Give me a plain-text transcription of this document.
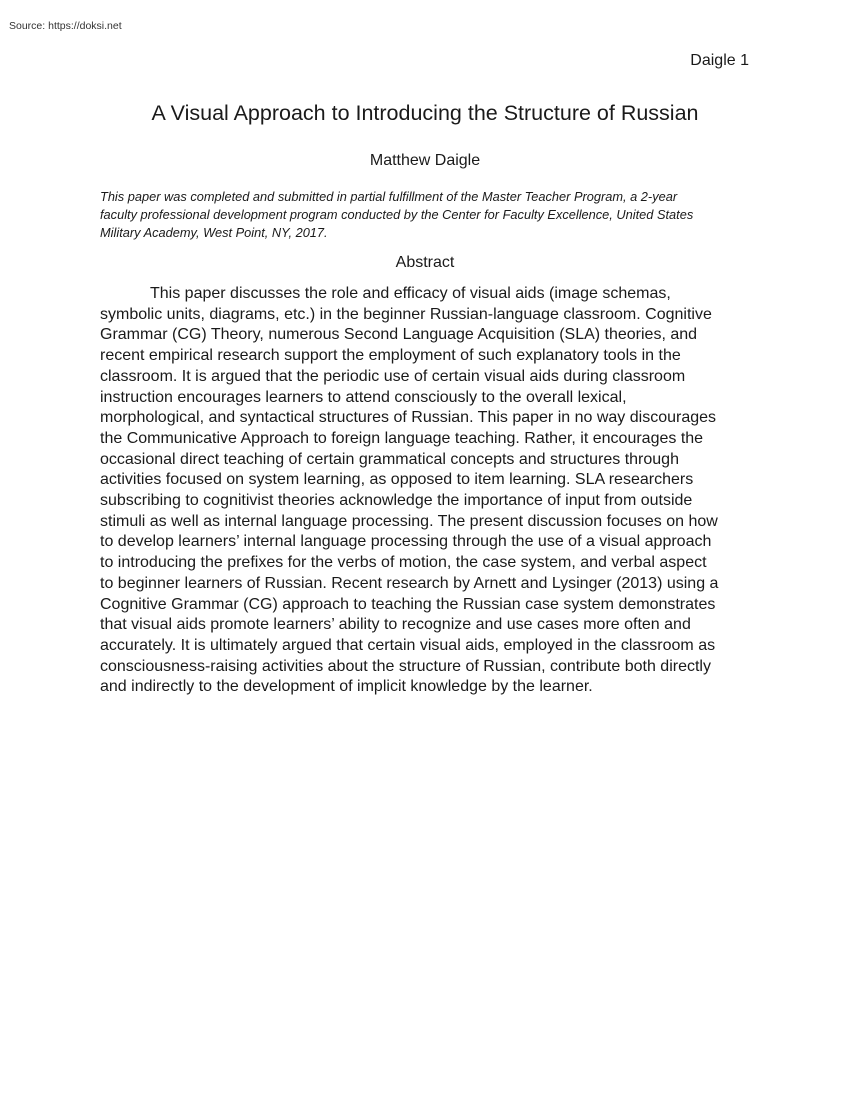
Source: https://doksi.net
Daigle 1
A Visual Approach to Introducing the Structure of Russian
Matthew Daigle
This paper was completed and submitted in partial fulfillment of the Master Teacher Program, a 2-year
faculty professional development program conducted by the Center for Faculty Excellence, United States
Military Academy, West Point, NY, 2017.
Abstract
This paper discusses the role and efficacy of visual aids (image schemas,
symbolic units, diagrams, etc.) in the beginner Russian-language classroom. Cognitive
Grammar (CG) Theory, numerous Second Language Acquisition (SLA) theories, and
recent empirical research support the employment of such explanatory tools in the
classroom. It is argued that the periodic use of certain visual aids during classroom
instruction encourages learners to attend consciously to the overall lexical,
morphological, and syntactical structures of Russian. This paper in no way discourages
the Communicative Approach to foreign language teaching. Rather, it encourages the
occasional direct teaching of certain grammatical concepts and structures through
activities focused on system learning, as opposed to item learning. SLA researchers
subscribing to cognitivist theories acknowledge the importance of input from outside
stimuli as well as internal language processing. The present discussion focuses on how
to develop learners’ internal language processing through the use of a visual approach
to introducing the prefixes for the verbs of motion, the case system, and verbal aspect
to beginner learners of Russian. Recent research by Arnett and Lysinger (2013) using a
Cognitive Grammar (CG) approach to teaching the Russian case system demonstrates
that visual aids promote learners’ ability to recognize and use cases more often and
accurately. It is ultimately argued that certain visual aids, employed in the classroom as
consciousness-raising activities about the structure of Russian, contribute both directly
and indirectly to the development of implicit knowledge by the learner.
